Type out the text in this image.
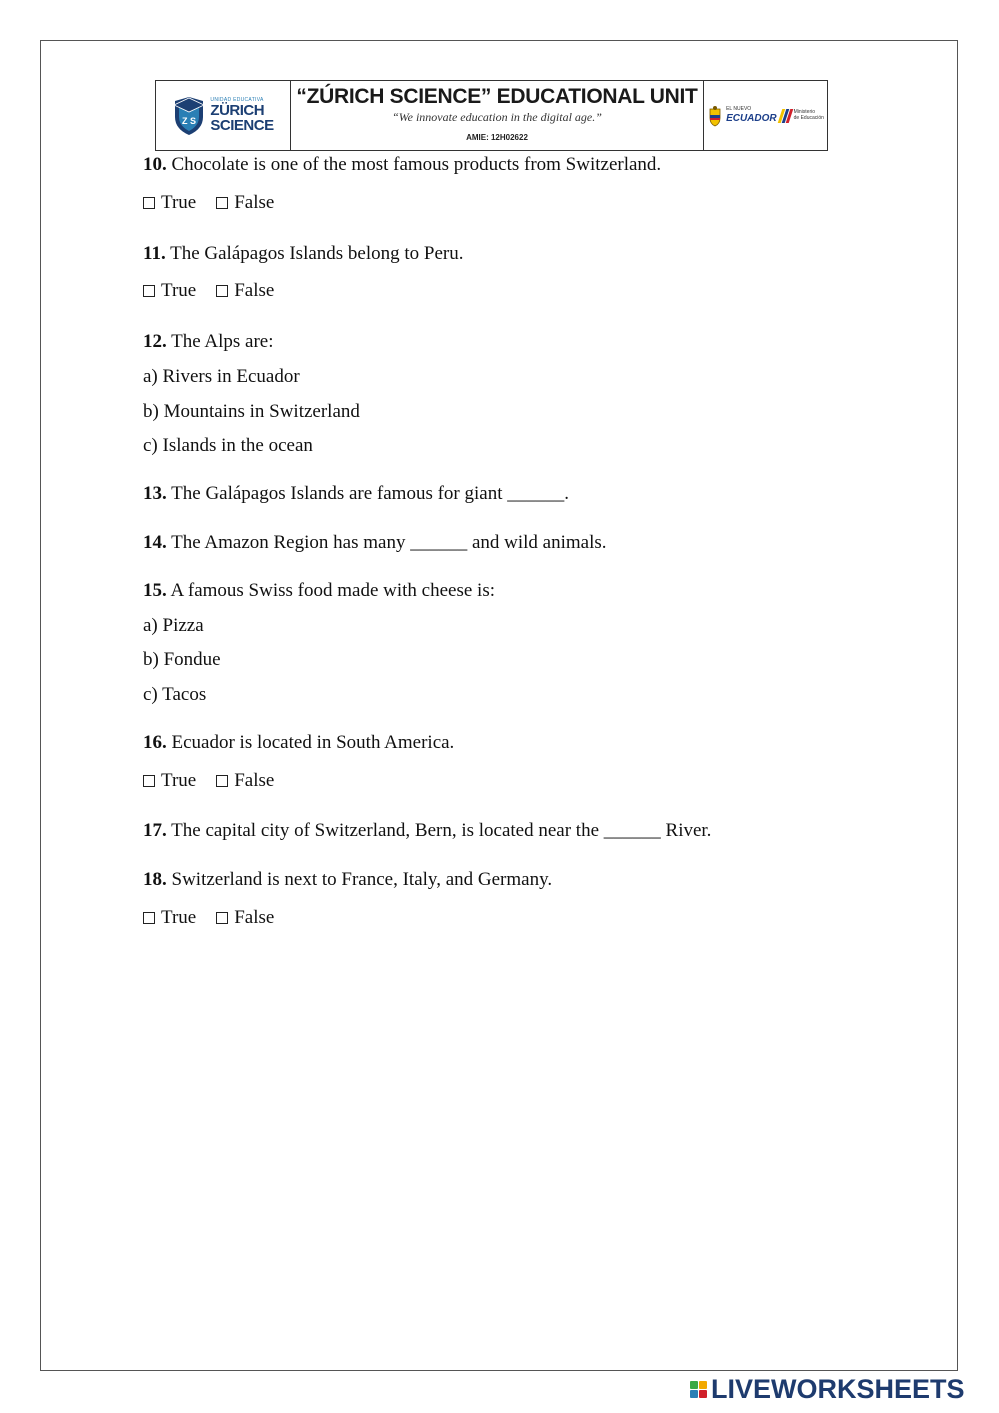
Z S
UNIDAD EDUCATIVA
ZÜRICH
SCIENCE
“ZÚRICH SCIENCE” EDUCATIONAL UNIT
“We innovate education in the digital age.”
AMIE: 12H02622
EL NUEVO
ECUADOR
Ministerio
de Educación
10. Chocolate is one of the most famous products from Switzerland.
True False
11. The Galápagos Islands belong to Peru.
True False
12. The Alps are:
a) Rivers in Ecuador
b) Mountains in Switzerland
c) Islands in the ocean
13. The Galápagos Islands are famous for giant ______.
14. The Amazon Region has many ______ and wild animals.
15. A famous Swiss food made with cheese is:
a) Pizza
b) Fondue
c) Tacos
16. Ecuador is located in South America.
True False
17. The capital city of Switzerland, Bern, is located near the ______ River.
18. Switzerland is next to France, Italy, and Germany.
True False
LIVEWORKSHEETS
